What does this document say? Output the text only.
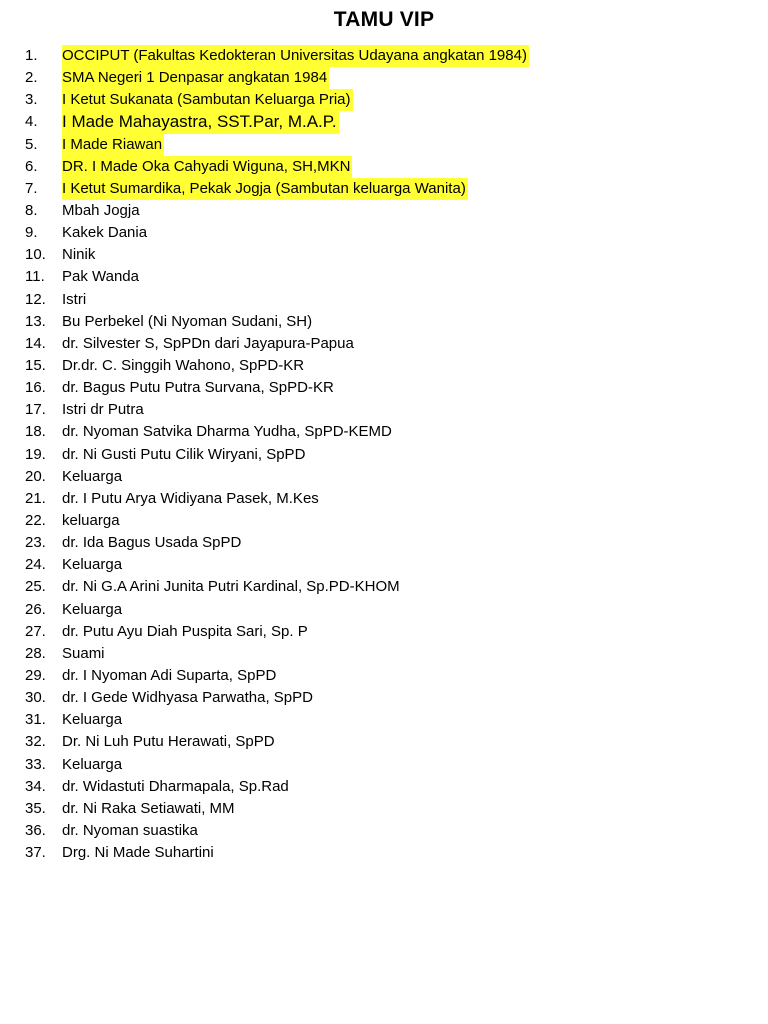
TAMU VIP
1.	OCCIPUT (Fakultas Kedokteran Universitas Udayana angkatan 1984)
2.	SMA Negeri 1 Denpasar angkatan 1984
3.	I Ketut Sukanata (Sambutan Keluarga Pria)
4.	I Made Mahayastra, SST.Par, M.A.P.
5.	I Made Riawan
6.	DR. I Made Oka Cahyadi Wiguna, SH,MKN
7.	I Ketut Sumardika, Pekak Jogja (Sambutan keluarga Wanita)
8.	Mbah Jogja
9.	Kakek Dania
10.	Ninik
11.	Pak Wanda
12.	Istri
13.	Bu Perbekel (Ni Nyoman Sudani, SH)
14.	dr. Silvester S, SpPDn dari Jayapura-Papua
15.	Dr.dr. C. Singgih Wahono, SpPD-KR
16.	dr. Bagus Putu Putra Survana, SpPD-KR
17.	Istri dr Putra
18.	dr. Nyoman Satvika Dharma Yudha, SpPD-KEMD
19.	dr. Ni Gusti Putu Cilik Wiryani, SpPD
20.	Keluarga
21.	dr. I Putu Arya Widiyana Pasek, M.Kes
22.	keluarga
23.	dr. Ida Bagus Usada SpPD
24.	Keluarga
25.	dr. Ni G.A Arini Junita Putri Kardinal, Sp.PD-KHOM
26.	Keluarga
27.	dr. Putu Ayu Diah Puspita Sari, Sp. P
28.	Suami
29.	dr. I Nyoman Adi Suparta, SpPD
30.	dr. I Gede Widhyasa Parwatha, SpPD
31.	Keluarga
32.	Dr. Ni Luh Putu Herawati, SpPD
33.	Keluarga
34.	dr. Widastuti Dharmapala, Sp.Rad
35.	dr. Ni Raka Setiawati, MM
36.	dr. Nyoman suastika
37.	Drg. Ni Made Suhartini
